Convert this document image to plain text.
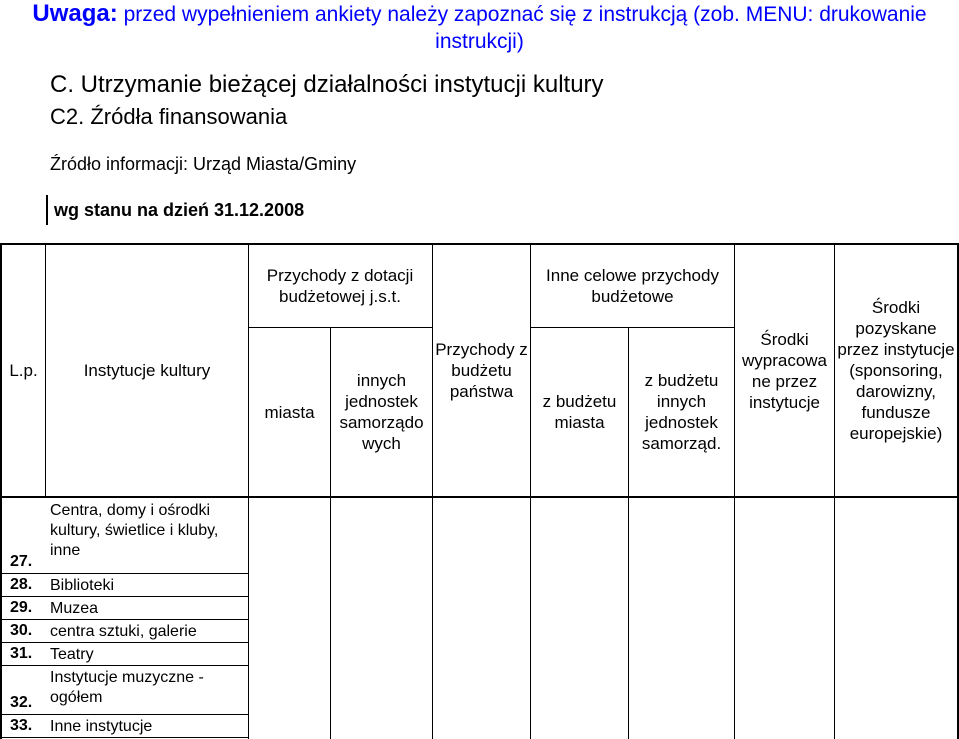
Uwaga: przed wypełnieniem ankiety należy zapoznać się z instrukcją (zob. MENU: drukowanie instrukcji)
C. Utrzymanie bieżącej działalności instytucji kultury
C2. Źródła finansowania
Źródło informacji: Urząd Miasta/Gminy
wg stanu na dzień 31.12.2008
L.p.	Instytucje kultury
Przychody z dotacji budżetowej j.s.t.
miasta
innych jednostek samorządo wych
Przychody z budżetu państwa
Inne celowe przychody budżetowe
z budżetu miasta
z budżetu innych jednostek samorząd.
Środki wypracowa ne przez instytucje
Środki pozyskane przez instytucje (sponsoring, darowizny, fundusze europejskie)
27.
Centra, domy i ośrodki kultury, świetlice i kluby, inne
28. Biblioteki
29. Muzea
30. centra sztuki, galerie
31. Teatry
32.
Instytucje muzyczne - ogółem
33. Inne instytucje
